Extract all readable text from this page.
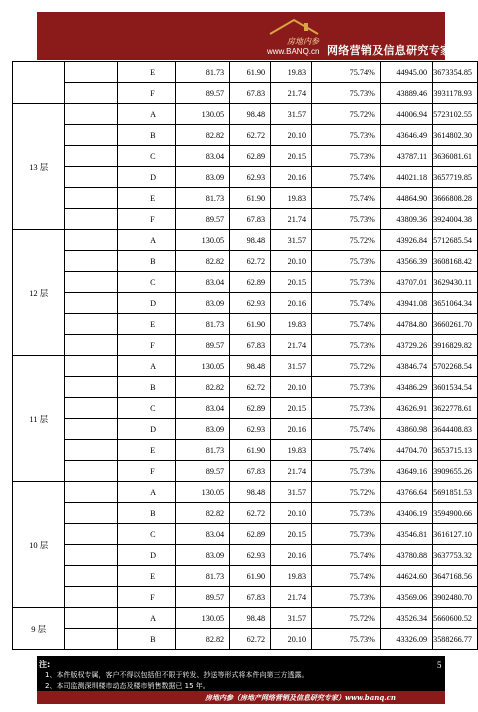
房地内参
www.BANQ.cn 网络营销及信息研究专家
		E	81.73	61.90	19.83	75.74%	44945.00	3673354.85
		F	89.57	67.83	21.74	75.73%	43889.46	3931178.93
13 层		A	130.05	98.48	31.57	75.72%	44006.94	5723102.55
		B	82.82	62.72	20.10	75.73%	43646.49	3614802.30
		C	83.04	62.89	20.15	75.73%	43787.11	3636081.61
		D	83.09	62.93	20.16	75.74%	44021.18	3657719.85
		E	81.73	61.90	19.83	75.74%	44864.90	3666808.28
		F	89.57	67.83	21.74	75.73%	43809.36	3924004.38
12 层		A	130.05	98.48	31.57	75.72%	43926.84	5712685.54
		B	82.82	62.72	20.10	75.73%	43566.39	3608168.42
		C	83.04	62.89	20.15	75.73%	43707.01	3629430.11
		D	83.09	62.93	20.16	75.74%	43941.08	3651064.34
		E	81.73	61.90	19.83	75.74%	44784.80	3660261.70
		F	89.57	67.83	21.74	75.73%	43729.26	3916829.82
11 层		A	130.05	98.48	31.57	75.72%	43846.74	5702268.54
		B	82.82	62.72	20.10	75.73%	43486.29	3601534.54
		C	83.04	62.89	20.15	75.73%	43626.91	3622778.61
		D	83.09	62.93	20.16	75.74%	43860.98	3644408.83
		E	81.73	61.90	19.83	75.74%	44704.70	3653715.13
		F	89.57	67.83	21.74	75.73%	43649.16	3909655.26
10 层		A	130.05	98.48	31.57	75.72%	43766.64	5691851.53
		B	82.82	62.72	20.10	75.73%	43406.19	3594900.66
		C	83.04	62.89	20.15	75.73%	43546.81	3616127.10
		D	83.09	62.93	20.16	75.74%	43780.88	3637753.32
		E	81.73	61.90	19.83	75.74%	44624.60	3647168.56
		F	89.57	67.83	21.74	75.73%	43569.06	3902480.70
9 层		A	130.05	98.48	31.57	75.72%	43526.34	5660600.52
		B	82.82	62.72	20.10	75.73%	43326.09	3588266.77
注:
1、本件版权专属，客户不得以包括但不限于转发、抄送等形式将本件向第三方透露。
2、本司监测深圳楼市动态及楼市销售数据已 15 年。
5
房地内参（房地产网络营销及信息研究专家）www.banq.cn
